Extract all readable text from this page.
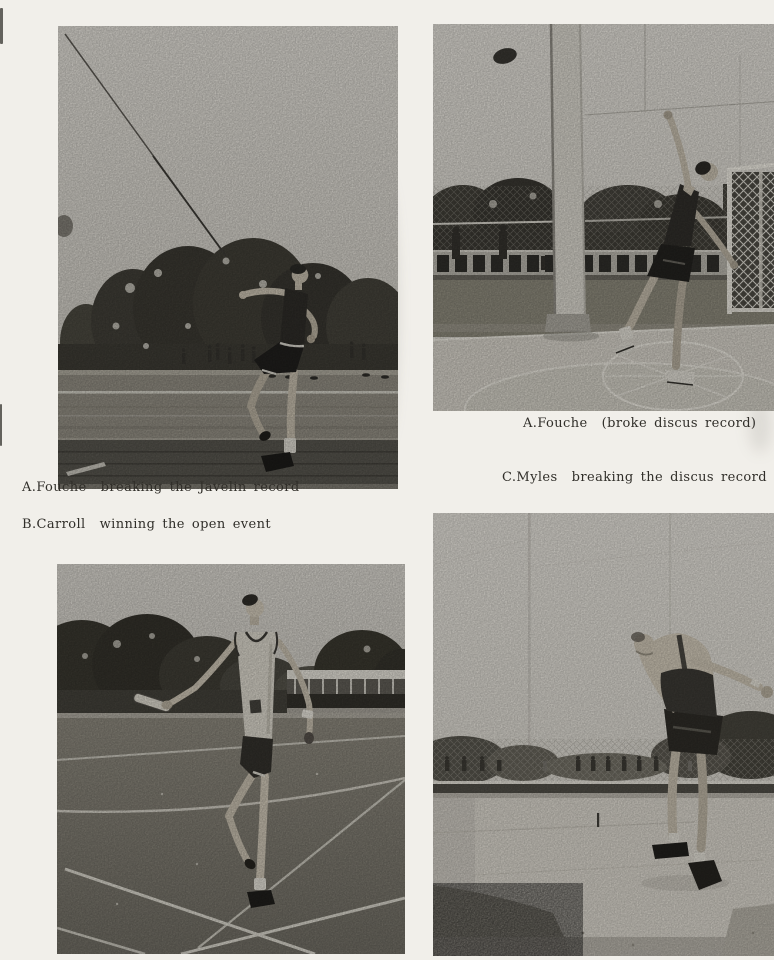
A.Fouche  breaking the Javelin record
B.Carroll  winning the open event
A.Fouche  (broke discus record)
C.Myles  breaking the discus record
